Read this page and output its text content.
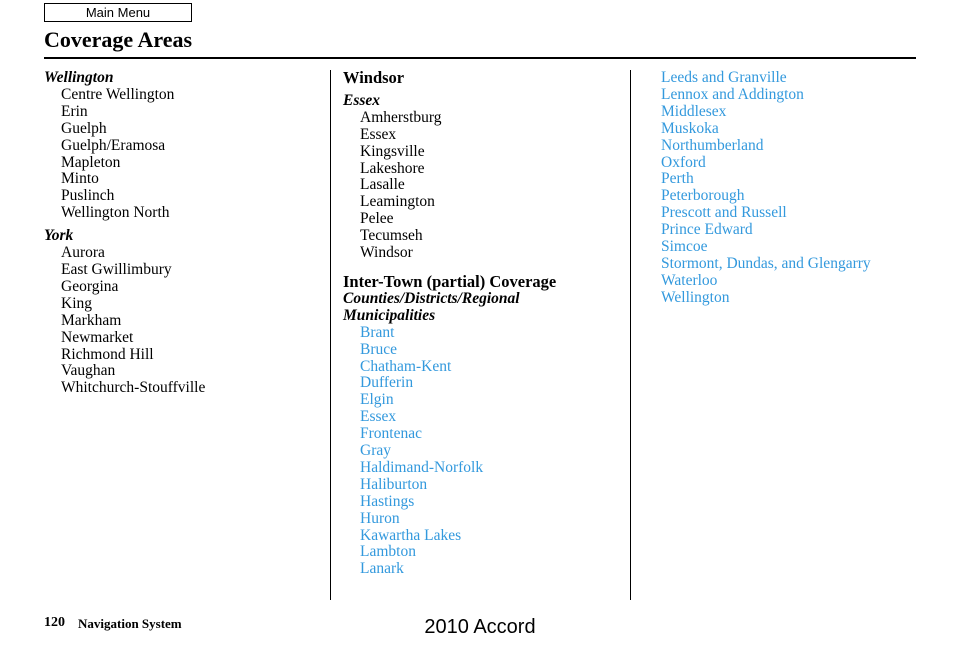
Main Menu
Coverage Areas
Wellington
Centre Wellington
Erin
Guelph
Guelph/Eramosa
Mapleton
Minto
Puslinch
Wellington North
York
Aurora
East Gwillimbury
Georgina
King
Markham
Newmarket
Richmond Hill
Vaughan
Whitchurch-Stouffville
Windsor
Essex
Amherstburg
Essex
Kingsville
Lakeshore
Lasalle
Leamington
Pelee
Tecumseh
Windsor
Inter-Town (partial) Coverage
Counties/Districts/Regional
Municipalities
Brant
Bruce
Chatham-Kent
Dufferin
Elgin
Essex
Frontenac
Gray
Haldimand-Norfolk
Haliburton
Hastings
Huron
Kawartha Lakes
Lambton
Lanark
Leeds and Granville
Lennox and Addington
Middlesex
Muskoka
Northumberland
Oxford
Perth
Peterborough
Prescott and Russell
Prince Edward
Simcoe
Stormont, Dundas, and Glengarry
Waterloo
Wellington
120 Navigation System	2010 Accord
